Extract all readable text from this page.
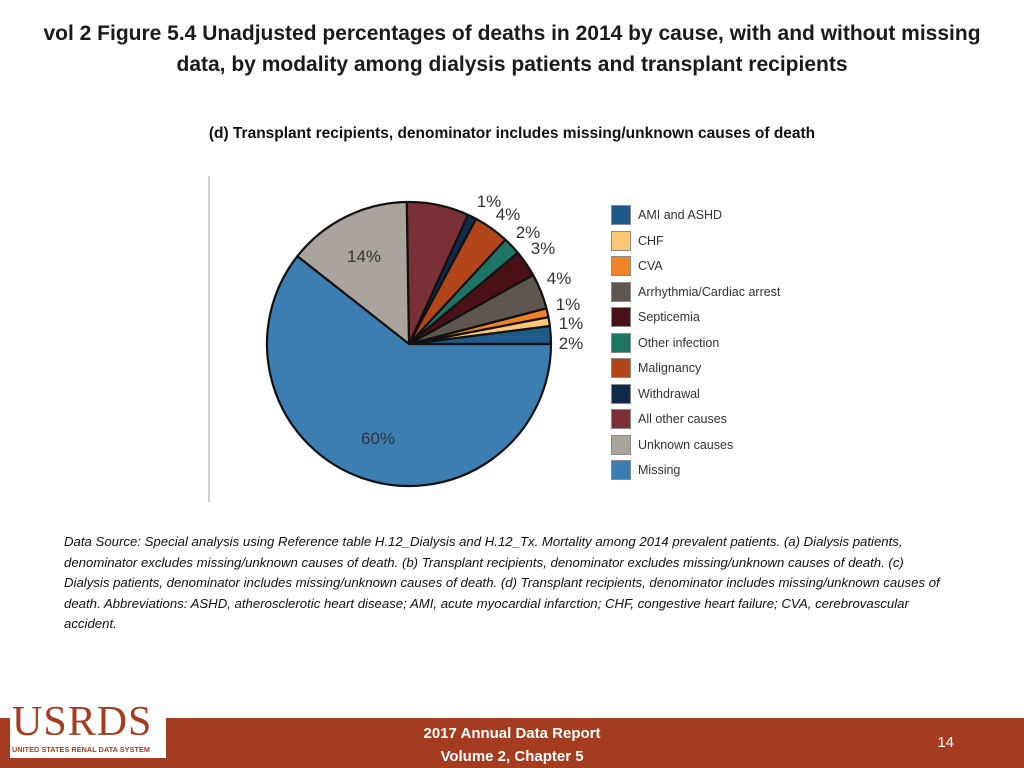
vol 2 Figure 5.4 Unadjusted percentages of deaths in 2014 by cause, with and without missing data, by modality among dialysis patients and transplant recipients
(d) Transplant recipients, denominator includes missing/unknown causes of death
2%
1%
1%
4%
3%
2%
4%
1%
14%
60%
AMI and ASHD
CHF
CVA
Arrhythmia/Cardiac arrest
Septicemia
Other infection
Malignancy
Withdrawal
All other causes
Unknown causes
Missing
Data Source: Special analysis using Reference table H.12_Dialysis and H.12_Tx. Mortality among 2014 prevalent patients. (a) Dialysis patients, denominator excludes missing/unknown causes of death. (b) Transplant recipients, denominator excludes missing/unknown causes of death. (c) Dialysis patients, denominator includes missing/unknown causes of death. (d) Transplant recipients, denominator includes missing/unknown causes of death. Abbreviations: ASHD, atherosclerotic heart disease; AMI, acute myocardial infarction; CHF, congestive heart failure; CVA, cerebrovascular accident.
2017 Annual Data Report
Volume 2, Chapter 5
14
USRDS
UNITED STATES RENAL DATA SYSTEM
